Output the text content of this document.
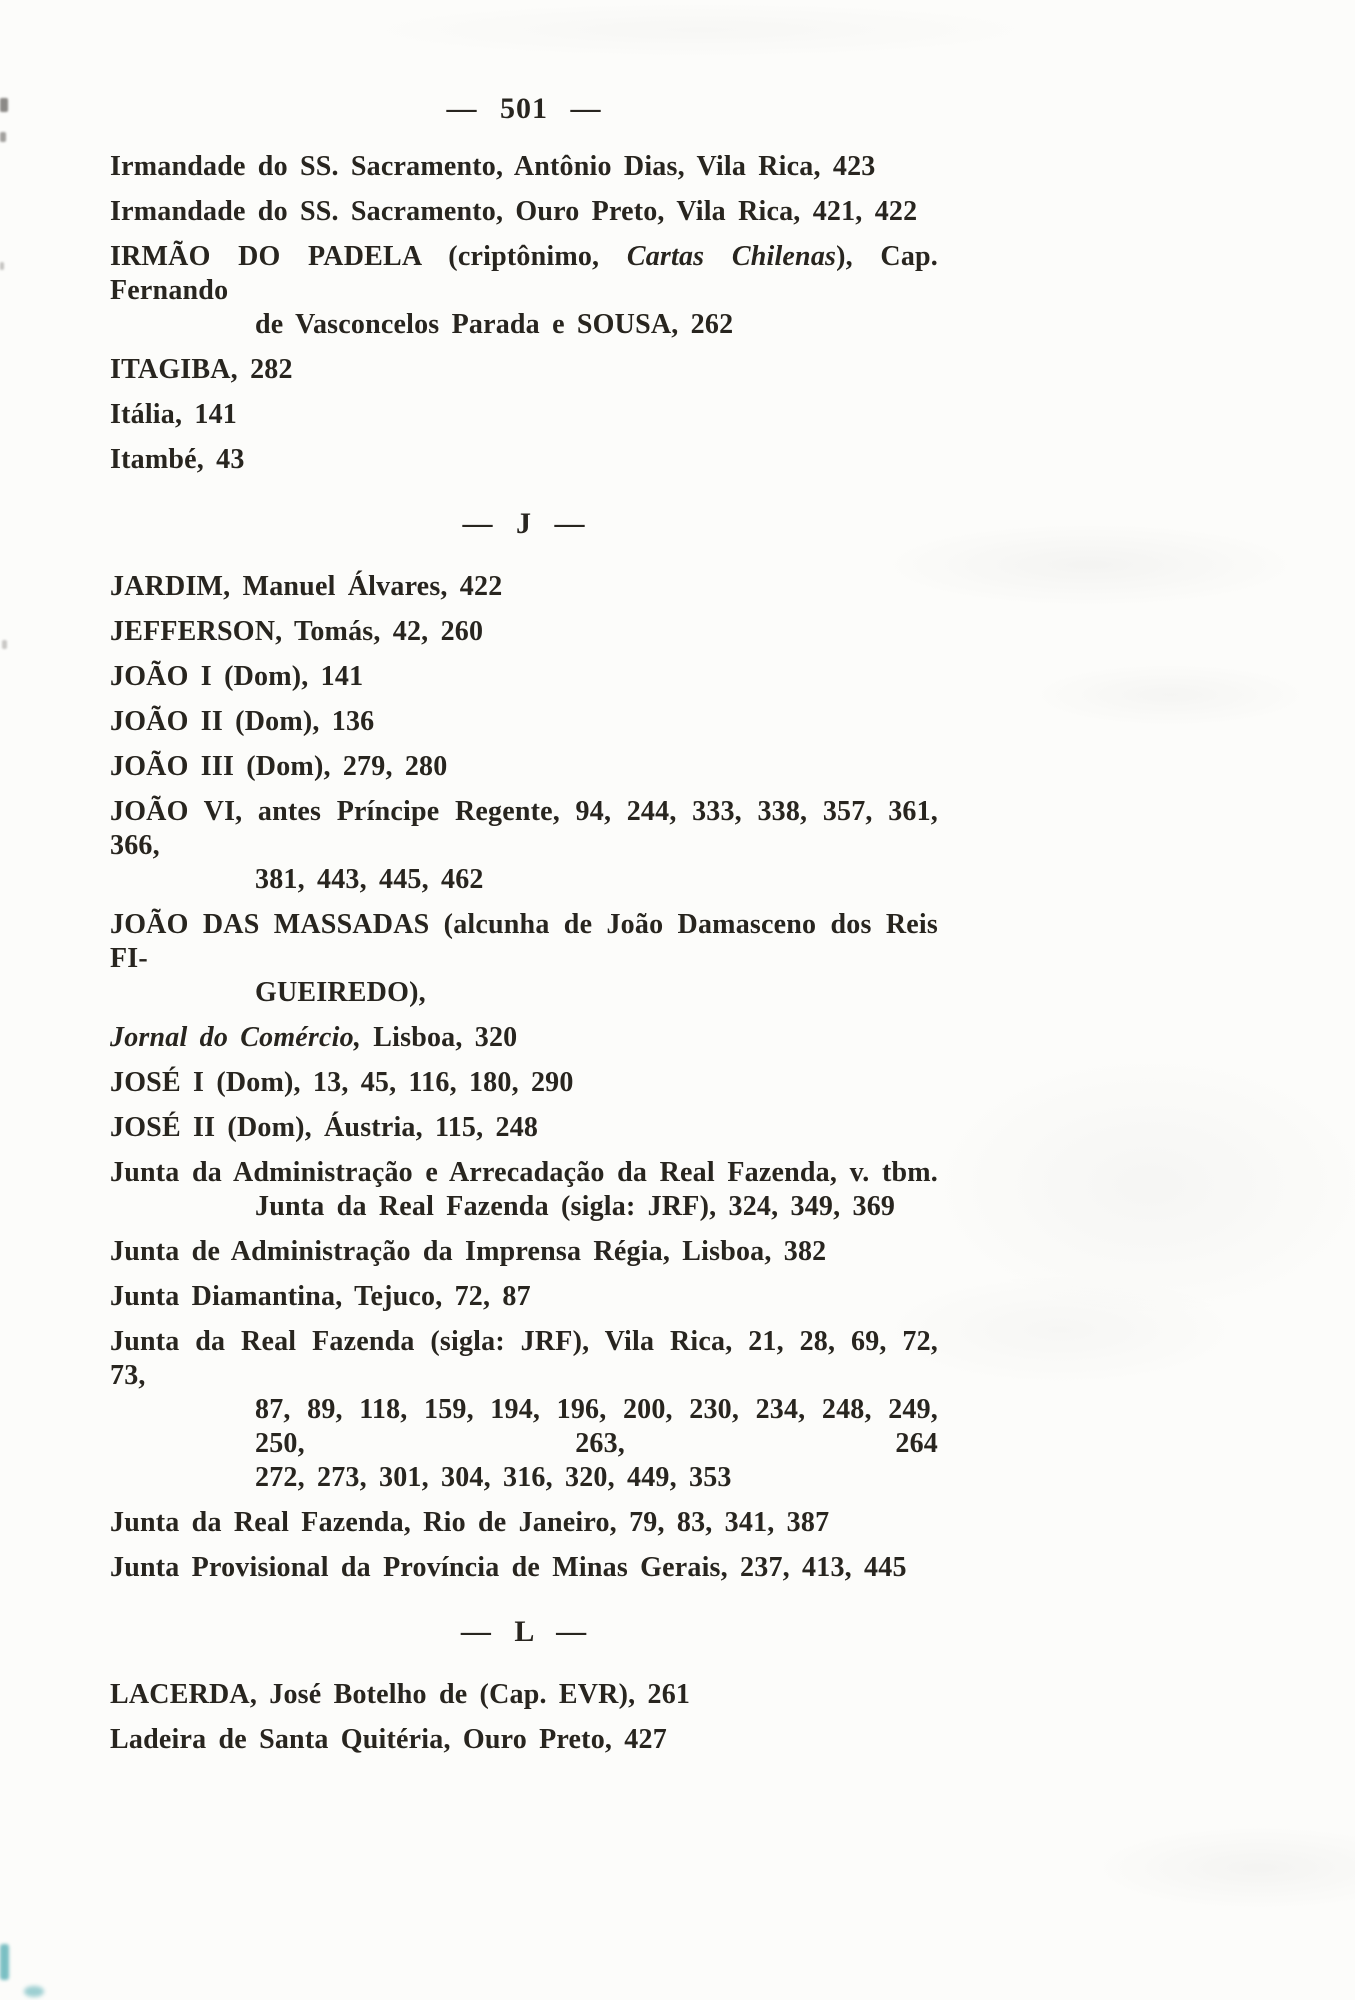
— 501 —
Irmandade do SS. Sacramento, Antônio Dias, Vila Rica, 423
Irmandade do SS. Sacramento, Ouro Preto, Vila Rica, 421, 422
IRMÃO DO PADELA (criptônimo, Cartas Chilenas), Cap. Fernando
de Vasconcelos Parada e SOUSA, 262
ITAGIBA, 282
Itália, 141
Itambé, 43
— J —
JARDIM, Manuel Álvares, 422
JEFFERSON, Tomás, 42, 260
JOÃO I (Dom), 141
JOÃO II (Dom), 136
JOÃO III (Dom), 279, 280
JOÃO VI, antes Príncipe Regente, 94, 244, 333, 338, 357, 361, 366,
381, 443, 445, 462
JOÃO DAS MASSADAS (alcunha de João Damasceno dos Reis FI-
GUEIREDO),
Jornal do Comércio, Lisboa, 320
JOSÉ I (Dom), 13, 45, 116, 180, 290
JOSÉ II (Dom), Áustria, 115, 248
Junta da Administração e Arrecadação da Real Fazenda, v. tbm.
Junta da Real Fazenda (sigla: JRF), 324, 349, 369
Junta de Administração da Imprensa Régia, Lisboa, 382
Junta Diamantina, Tejuco, 72, 87
Junta da Real Fazenda (sigla: JRF), Vila Rica, 21, 28, 69, 72, 73,
87, 89, 118, 159, 194, 196, 200, 230, 234, 248, 249, 250, 263, 264
272, 273, 301, 304, 316, 320, 449, 353
Junta da Real Fazenda, Rio de Janeiro, 79, 83, 341, 387
Junta Provisional da Província de Minas Gerais, 237, 413, 445
— L —
LACERDA, José Botelho de (Cap. EVR), 261
Ladeira de Santa Quitéria, Ouro Preto, 427
